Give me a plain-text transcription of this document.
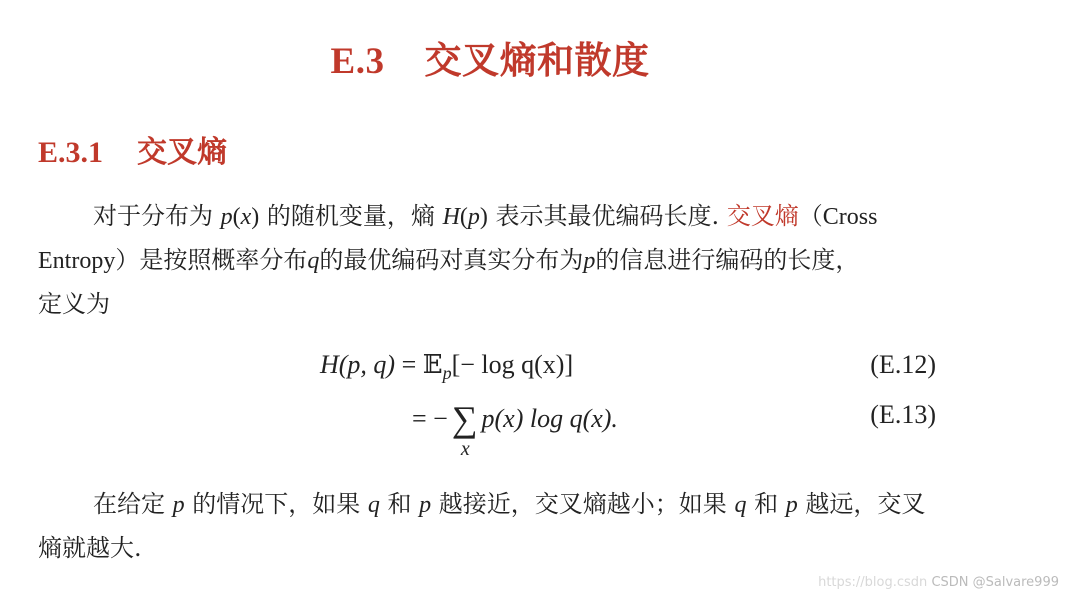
E.3 交叉熵和散度
E.3.1 交叉熵
对于分布为 p(x) 的随机变量，熵 H(p) 表示其最优编码长度. 交叉熵（Cross
Entropy）是按照概率分布q的最优编码对真实分布为p的信息进行编码的长度，
定义为
H(p, q) = 𝔼$_p$[− log q(x)]	(E.12)
= − ∑
x
p(x) log q(x).	(E.13)
在给定 p 的情况下，如果 q 和 p 越接近，交叉熵越小；如果 q 和 p 越远，交叉
熵就越大.
https://blog.csdn CSDN @Salvare999
